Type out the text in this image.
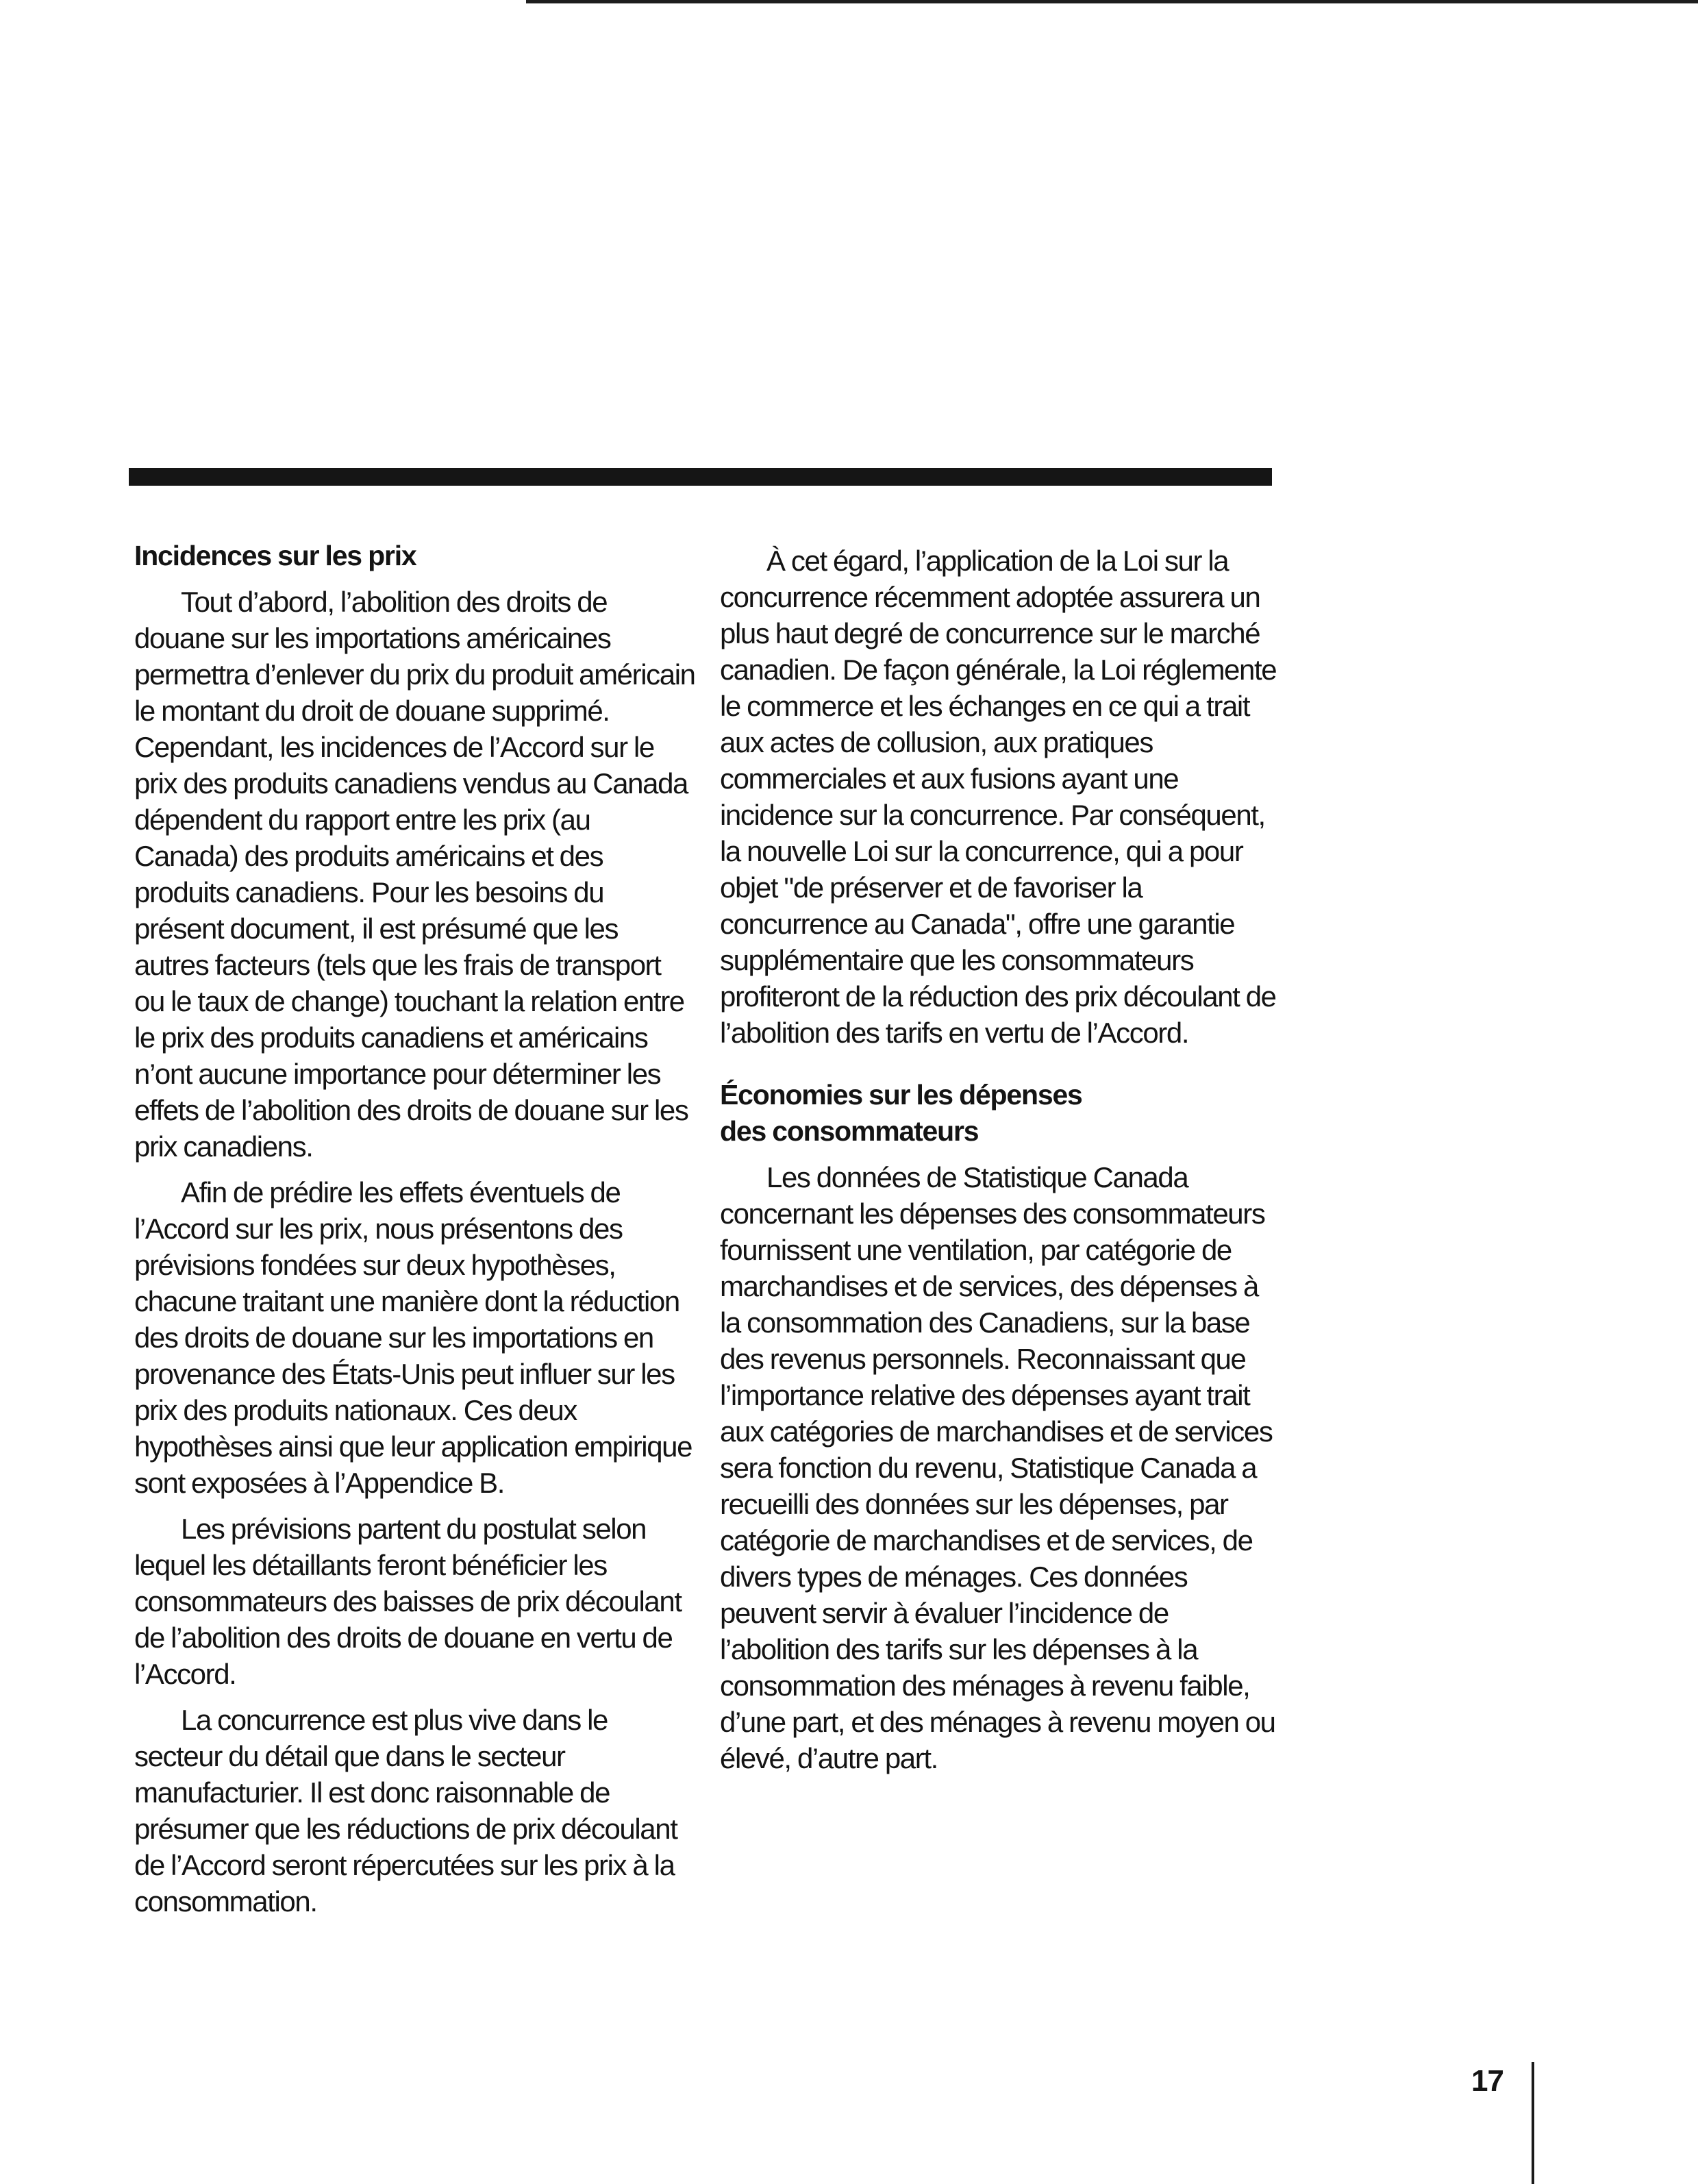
Incidences sur les prix

Tout d’abord, l’abolition des droits de douane sur les importations américaines permettra d’enlever du prix du produit américain le montant du droit de douane supprimé. Cependant, les incidences de l’Accord sur le prix des produits canadiens vendus au Canada dépendent du rapport entre les prix (au Canada) des produits américains et des produits canadiens. Pour les besoins du présent document, il est présumé que les autres facteurs (tels que les frais de transport ou le taux de change) touchant la relation entre le prix des produits canadiens et américains n’ont aucune importance pour déterminer les effets de l’abolition des droits de douane sur les prix canadiens.

Afin de prédire les effets éventuels de l’Accord sur les prix, nous présentons des prévisions fondées sur deux hypothèses, chacune traitant une manière dont la réduction des droits de douane sur les importations en provenance des États-Unis peut influer sur les prix des produits nationaux. Ces deux hypothèses ainsi que leur application empirique sont exposées à l’Appendice B.

Les prévisions partent du postulat selon lequel les détaillants feront bénéficier les consommateurs des baisses de prix découlant de l’abolition des droits de douane en vertu de l’Accord.

La concurrence est plus vive dans le secteur du détail que dans le secteur manufacturier. Il est donc raisonnable de présumer que les réductions de prix découlant de l’Accord seront répercutées sur les prix à la consommation.

À cet égard, l’application de la Loi sur la concurrence récemment adoptée assurera un plus haut degré de concurrence sur le marché canadien. De façon générale, la Loi réglemente le commerce et les échanges en ce qui a trait aux actes de collusion, aux pratiques commerciales et aux fusions ayant une incidence sur la concurrence. Par conséquent, la nouvelle Loi sur la concurrence, qui a pour objet "de préserver et de favoriser la concurrence au Canada", offre une garantie supplémentaire que les consommateurs profiteront de la réduction des prix découlant de l’abolition des tarifs en vertu de l’Accord.

Économies sur les dépenses
des consommateurs

Les données de Statistique Canada concernant les dépenses des consommateurs fournissent une ventilation, par catégorie de marchandises et de services, des dépenses à la consommation des Canadiens, sur la base des revenus personnels. Reconnaissant que l’importance relative des dépenses ayant trait aux catégories de marchandises et de services sera fonction du revenu, Statistique Canada a recueilli des données sur les dépenses, par catégorie de marchandises et de services, de divers types de ménages. Ces données peuvent servir à évaluer l’incidence de l’abolition des tarifs sur les dépenses à la consommation des ménages à revenu faible, d’une part, et des ménages à revenu moyen ou élevé, d’autre part.

17
